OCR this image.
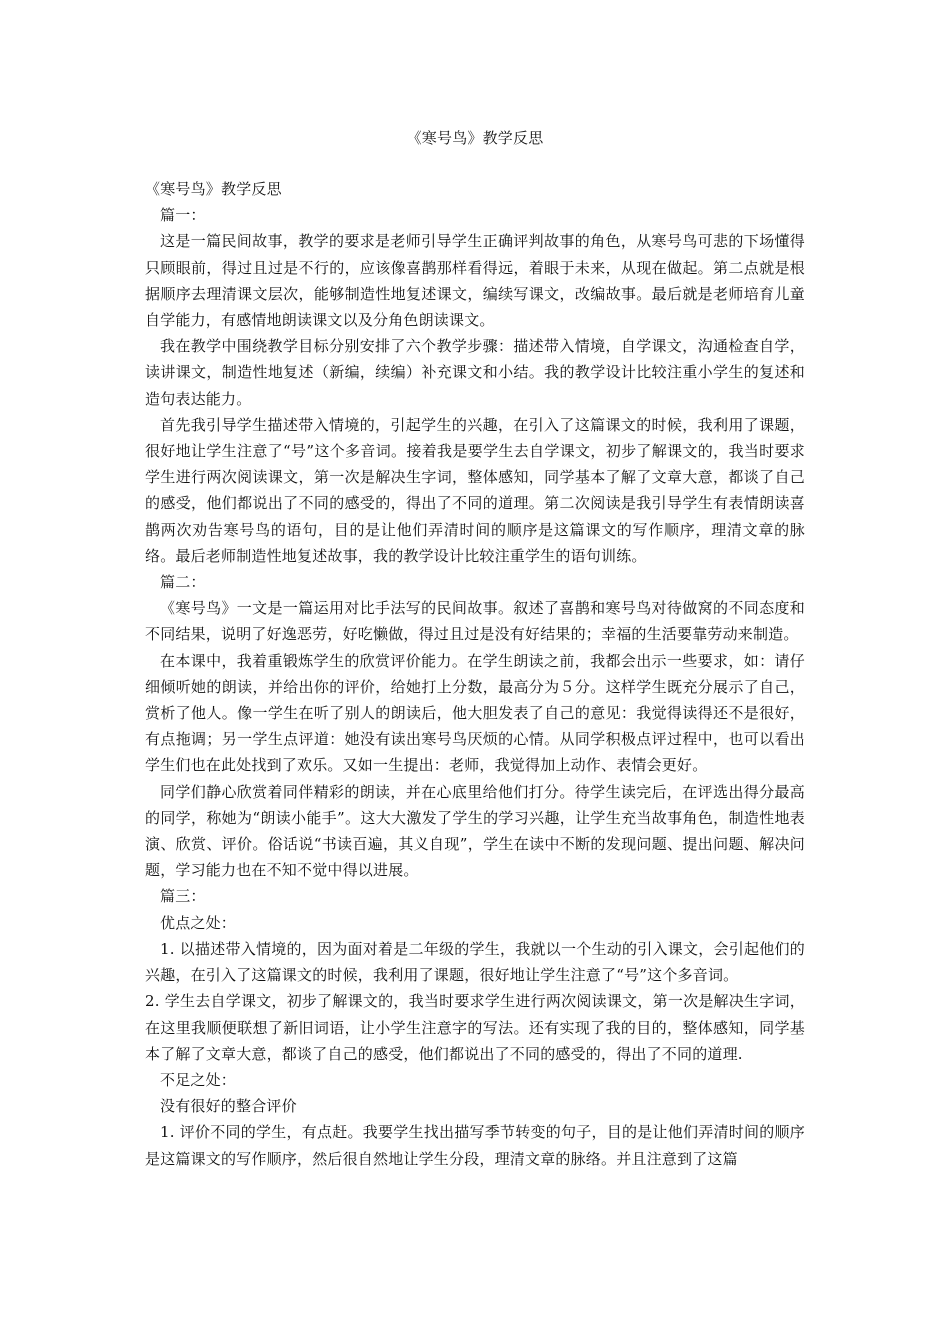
《寒号鸟》教学反思

《寒号鸟》教学反思

篇一：

这是一篇民间故事，教学的要求是老师引导学生正确评判故事的角色，从寒号鸟可悲的下场懂得只顾眼前，得过且过是不行的，应该像喜鹊那样看得远，着眼于未来，从现在做起。第二点就是根据顺序去理清课文层次，能够制造性地复述课文，编续写课文，改编故事。最后就是老师培育儿童自学能力，有感情地朗读课文以及分角色朗读课文。

我在教学中围绕教学目标分别安排了六个教学步骤：描述带入情境，自学课文，沟通检查自学，读讲课文，制造性地复述（新编，续编）补充课文和小结。我的教学设计比较注重小学生的复述和造句表达能力。

首先我引导学生描述带入情境的，引起学生的兴趣，在引入了这篇课文的时候，我利用了课题，很好地让学生注意了“号”这个多音词。接着我是要学生去自学课文，初步了解课文的，我当时要求学生进行两次阅读课文，第一次是解决生字词，整体感知，同学基本了解了文章大意，都谈了自己的感受，他们都说出了不同的感受的，得出了不同的道理。第二次阅读是我引导学生有表情朗读喜鹊两次劝告寒号鸟的语句，目的是让他们弄清时间的顺序是这篇课文的写作顺序，理清文章的脉络。最后老师制造性地复述故事，我的教学设计比较注重学生的语句训练。

篇二：

《寒号鸟》一文是一篇运用对比手法写的民间故事。叙述了喜鹊和寒号鸟对待做窝的不同态度和不同结果，说明了好逸恶劳，好吃懒做，得过且过是没有好结果的；幸福的生活要靠劳动来制造。

在本课中，我着重锻炼学生的欣赏评价能力。在学生朗读之前，我都会出示一些要求，如：请仔细倾听她的朗读，并给出你的评价，给她打上分数，最高分为５分。这样学生既充分展示了自己，赏析了他人。像一学生在听了别人的朗读后，他大胆发表了自己的意见：我觉得读得还不是很好，有点拖调；另一学生点评道：她没有读出寒号鸟厌烦的心情。从同学积极点评过程中，也可以看出学生们也在此处找到了欢乐。又如一生提出：老师，我觉得加上动作、表情会更好。

同学们静心欣赏着同伴精彩的朗读，并在心底里给他们打分。待学生读完后，在评选出得分最高的同学，称她为“朗读小能手”。这大大激发了学生的学习兴趣，让学生充当故事角色，制造性地表演、欣赏、评价。俗话说“书读百遍，其义自现”，学生在读中不断的发现问题、提出问题、解决问题，学习能力也在不知不觉中得以进展。

篇三：

优点之处：

1. 以描述带入情境的，因为面对着是二年级的学生，我就以一个生动的引入课文，会引起他们的兴趣，在引入了这篇课文的时候，我利用了课题，很好地让学生注意了“号”这个多音词。

2. 学生去自学课文，初步了解课文的，我当时要求学生进行两次阅读课文，第一次是解决生字词，在这里我顺便联想了新旧词语，让小学生注意字的写法。还有实现了我的目的，整体感知，同学基本了解了文章大意，都谈了自己的感受，他们都说出了不同的感受的，得出了不同的道理.

不足之处：

没有很好的整合评价

1. 评价不同的学生，有点赶。我要学生找出描写季节转变的句子，目的是让他们弄清时间的顺序是这篇课文的写作顺序，然后很自然地让学生分段，理清文章的脉络。并且注意到了这篇
